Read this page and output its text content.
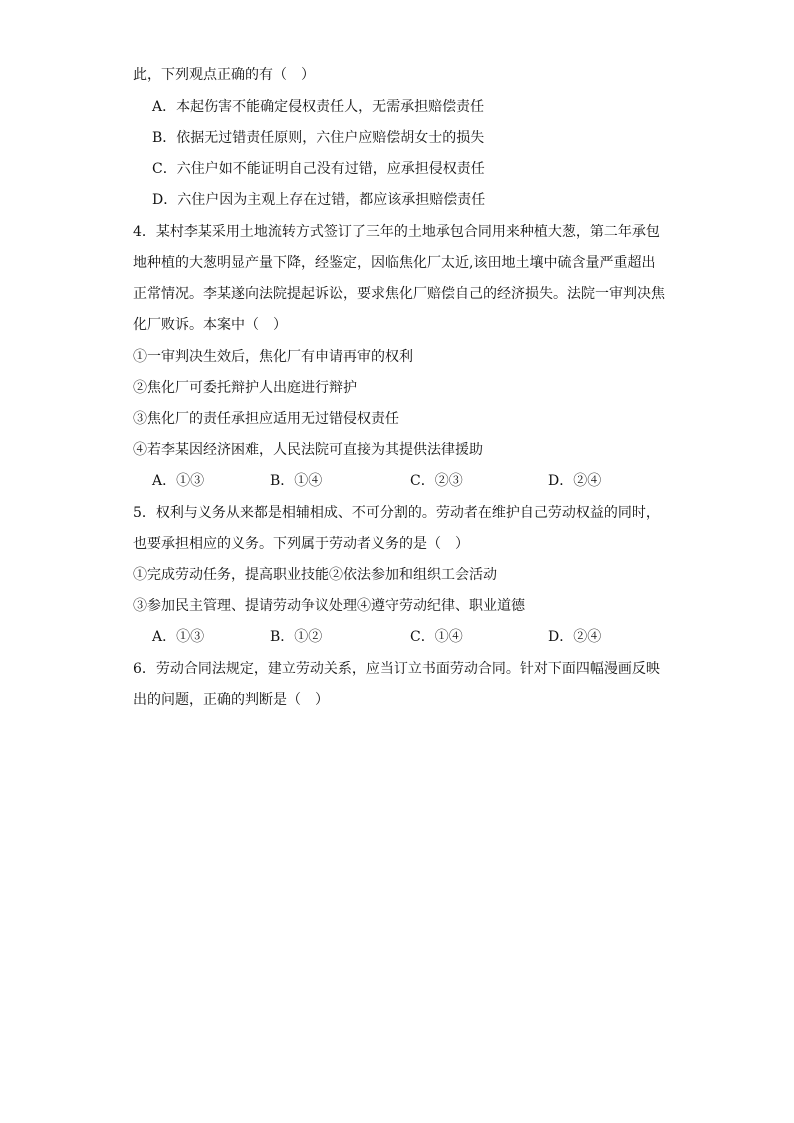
此，下列观点正确的有（　）
A．本起伤害不能确定侵权责任人，无需承担赔偿责任
B．依据无过错责任原则，六住户应赔偿胡女士的损失
C．六住户如不能证明自己没有过错，应承担侵权责任
D．六住户因为主观上存在过错，都应该承担赔偿责任
4．某村李某采用土地流转方式签订了三年的土地承包合同用来种植大葱，第二年承包
地种植的大葱明显产量下降，经鉴定，因临焦化厂太近,该田地土壤中硫含量严重超出
正常情况。李某遂向法院提起诉讼，要求焦化厂赔偿自己的经济损失。法院一审判决焦
化厂败诉。本案中（　）
①一审判决生效后，焦化厂有申请再审的权利
②焦化厂可委托辩护人出庭进行辩护
③焦化厂的责任承担应适用无过错侵权责任
④若李某因经济困难，人民法院可直接为其提供法律援助
A．①③	B．①④	C．②③	D．②④
5．权利与义务从来都是相辅相成、不可分割的。劳动者在维护自己劳动权益的同时，
也要承担相应的义务。下列属于劳动者义务的是（　）
①完成劳动任务，提高职业技能②依法参加和组织工会活动
③参加民主管理、提请劳动争议处理④遵守劳动纪律、职业道德
A．①③	B．①②	C．①④	D．②④
6．劳动合同法规定，建立劳动关系，应当订立书面劳动合同。针对下面四幅漫画反映
出的问题，正确的判断是（　）
